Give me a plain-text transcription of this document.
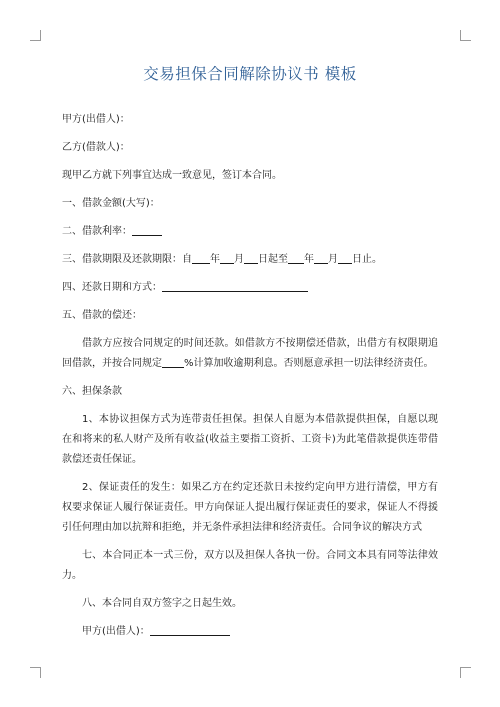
交易担保合同解除协议书 模板

甲方(出借人)：

乙方(借款人)：

现甲乙方就下列事宜达成一致意见，签订本合同。

一、借款金额(大写)：

二、借款利率：

三、借款期限及还款期限：自 年 月 日起至 年 月 日止。

四、还款日期和方式：

五、借款的偿还：

借款方应按合同规定的时间还款。如借款方不按期偿还借款，出借方有权限期追回借款，并按合同规定 %计算加收逾期利息。否则愿意承担一切法律经济责任。

六、担保条款

1、本协议担保方式为连带责任担保。担保人自愿为本借款提供担保，自愿以现在和将来的私人财产及所有收益(收益主要指工资折、工资卡)为此笔借款提供连带借款偿还责任保证。

2、保证责任的发生：如果乙方在约定还款日未按约定向甲方进行清偿，甲方有权要求保证人履行保证责任。甲方向保证人提出履行保证责任的要求，保证人不得援引任何理由加以抗辩和拒绝，并无条件承担法律和经济责任。合同争议的解决方式

七、本合同正本一式三份，双方以及担保人各执一份。合同文本具有同等法律效力。

八、本合同自双方签字之日起生效。

甲方(出借人)：
